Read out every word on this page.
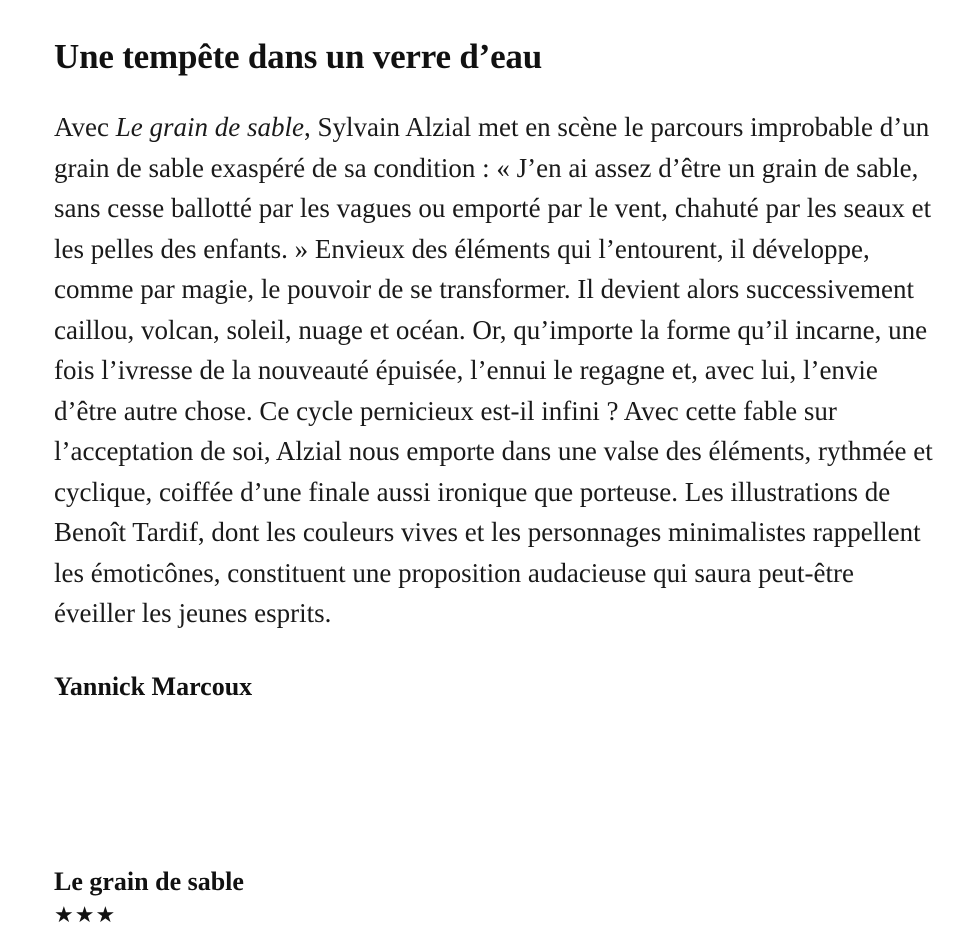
Une tempête dans un verre d’eau

Avec Le grain de sable, Sylvain Alzial met en scène le parcours improbable d’un grain de sable exaspéré de sa condition : « J’en ai assez d’être un grain de sable, sans cesse ballotté par les vagues ou emporté par le vent, chahuté par les seaux et les pelles des enfants. » Envieux des éléments qui l’entourent, il développe, comme par magie, le pouvoir de se transformer. Il devient alors successivement caillou, volcan, soleil, nuage et océan. Or, qu’importe la forme qu’il incarne, une fois l’ivresse de la nouveauté épuisée, l’ennui le regagne et, avec lui, l’envie d’être autre chose. Ce cycle pernicieux est-il infini ? Avec cette fable sur l’acceptation de soi, Alzial nous emporte dans une valse des éléments, rythmée et cyclique, coiffée d’une finale aussi ironique que porteuse. Les illustrations de Benoît Tardif, dont les couleurs vives et les personnages minimalistes rappellent les émoticônes, constituent une proposition audacieuse qui saura peut-être éveiller les jeunes esprits.

Yannick Marcoux

Le grain de sable
★★★
